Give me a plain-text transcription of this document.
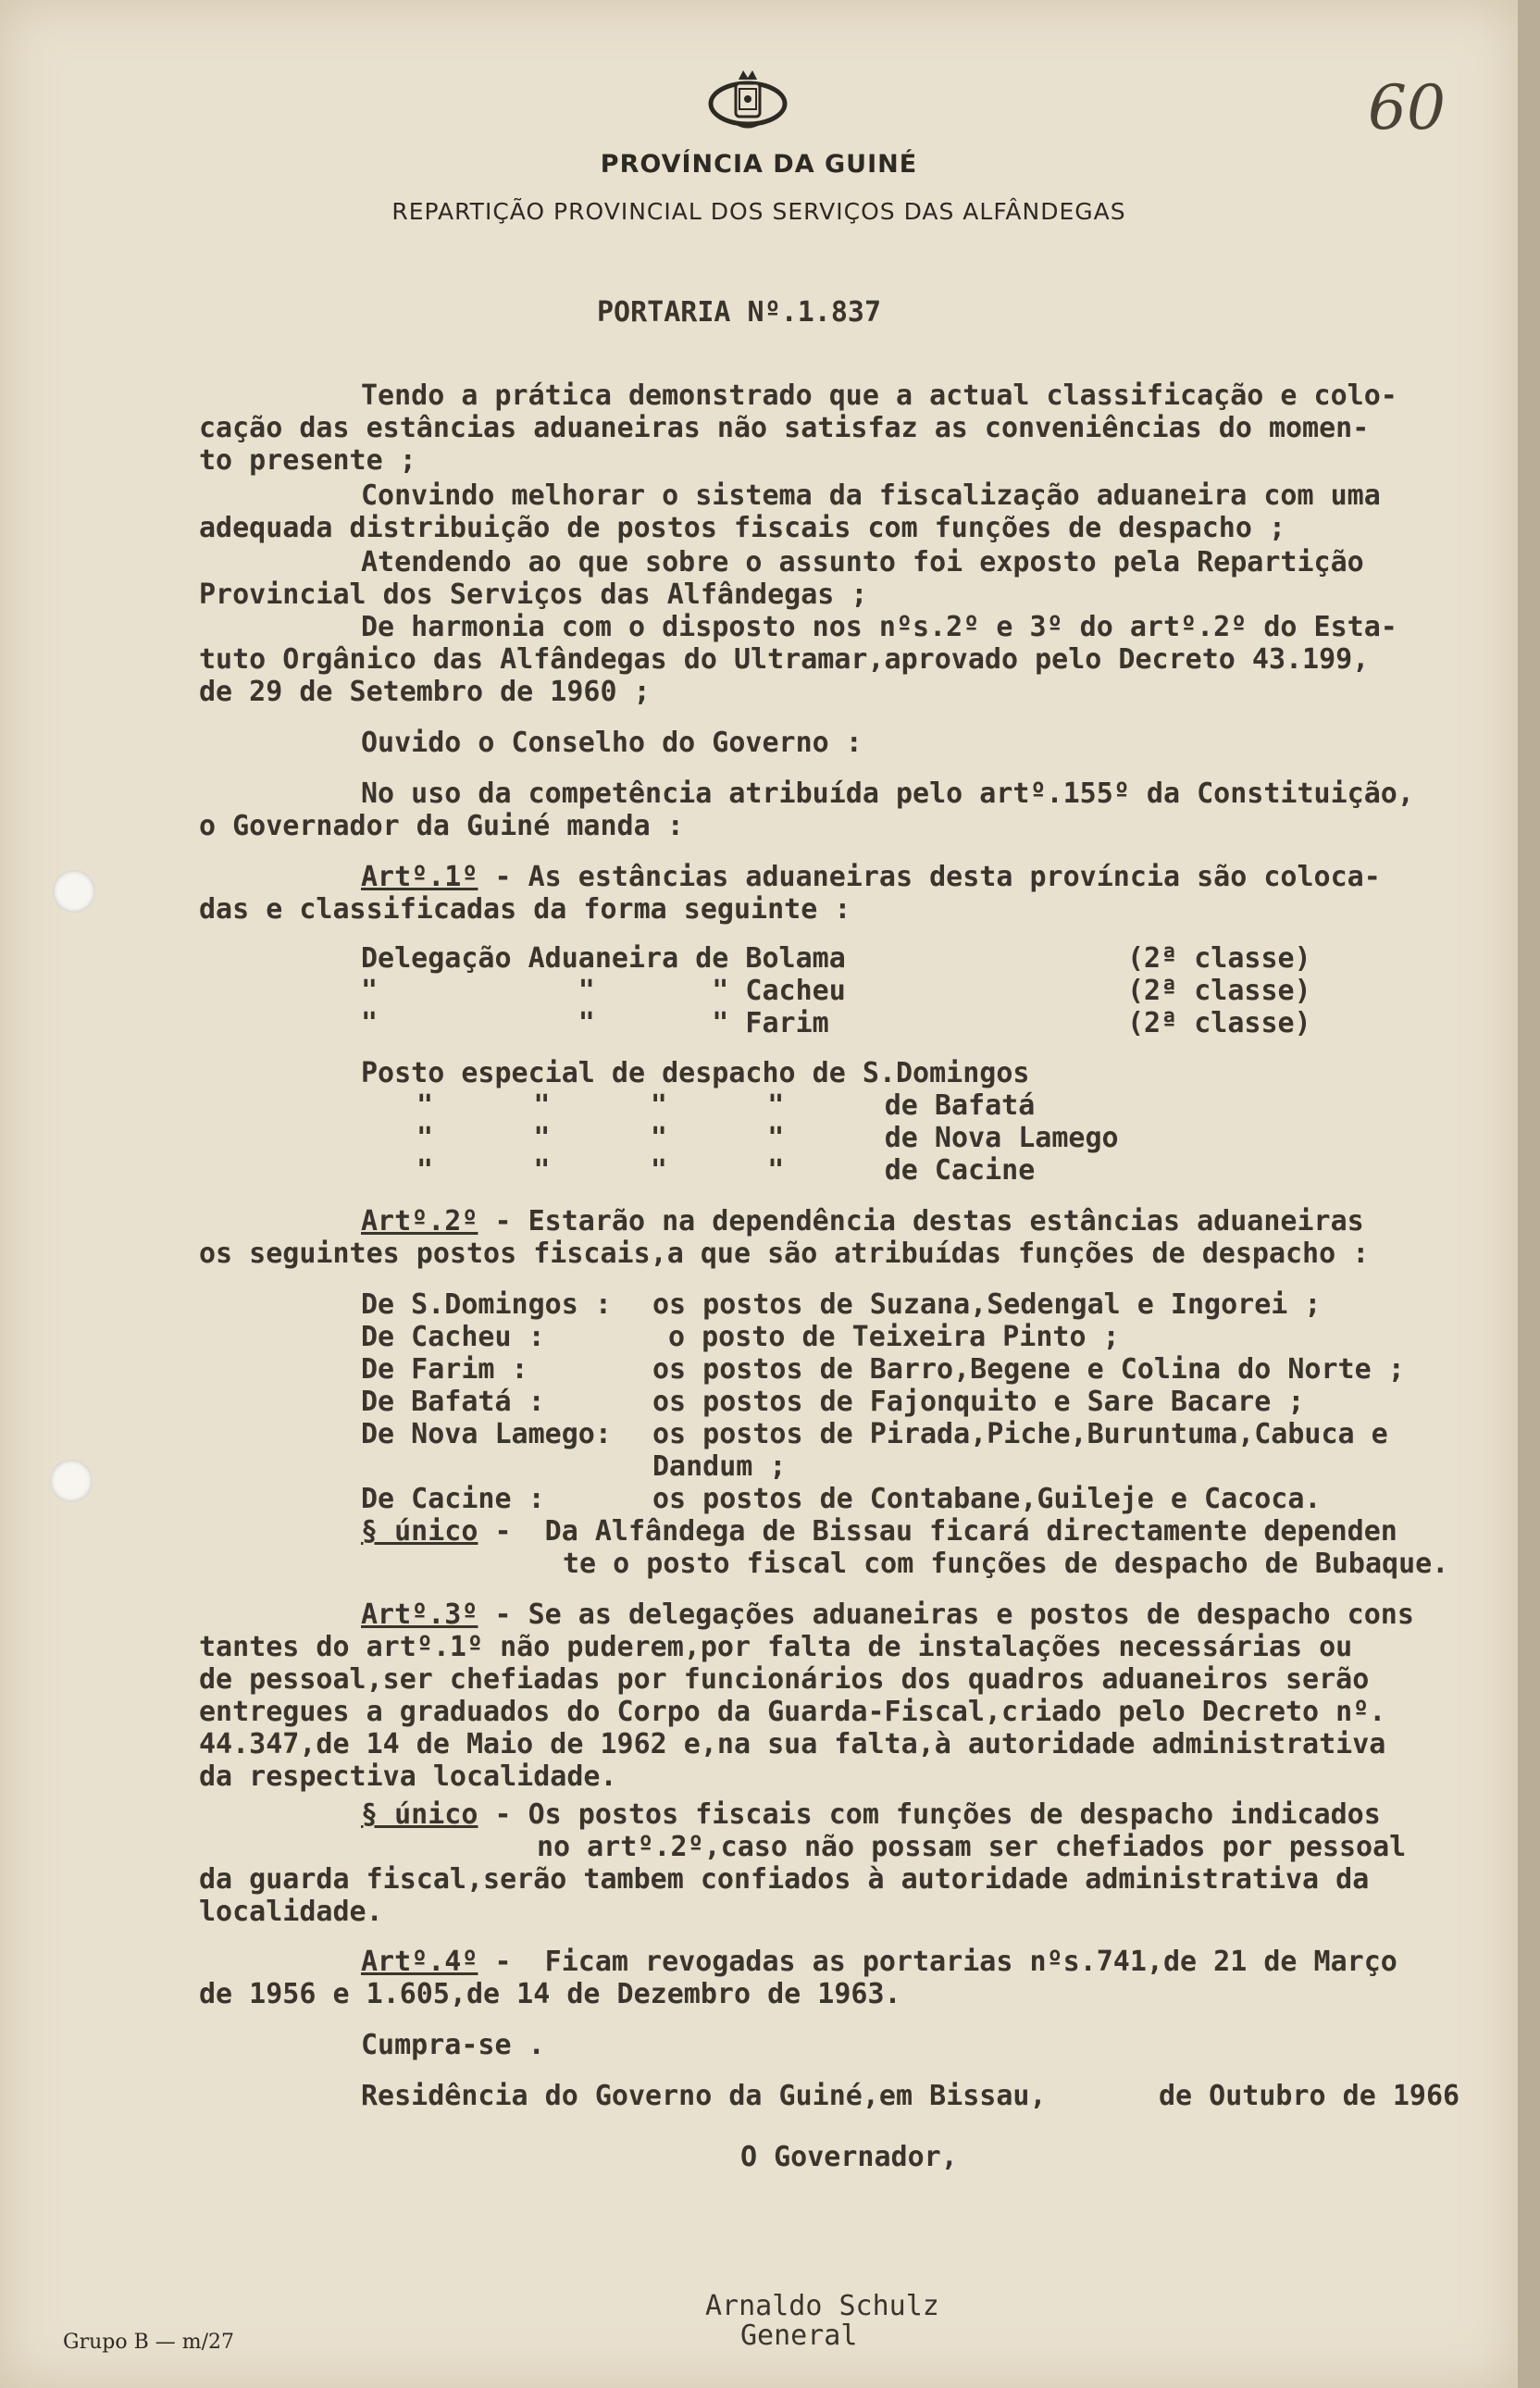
60
PROVÍNCIA DA GUINÉ
REPARTIÇÃO PROVINCIAL DOS SERVIÇOS DAS ALFÂNDEGAS
PORTARIA Nº.1.837
Tendo a prática demonstrado que a actual classificação e colo-
cação das estâncias aduaneiras não satisfaz as conveniências do momen-
to presente ;
Convindo melhorar o sistema da fiscalização aduaneira com uma
adequada distribuição de postos fiscais com funções de despacho ;
Atendendo ao que sobre o assunto foi exposto pela Repartição
Provincial dos Serviços das Alfândegas ;
De harmonia com o disposto nos nºs.2º e 3º do artº.2º do Esta-
tuto Orgânico das Alfândegas do Ultramar,aprovado pelo Decreto 43.199,
de 29 de Setembro de 1960 ;
Ouvido o Conselho do Governo :
No uso da competência atribuída pelo artº.155º da Constituição,
o Governador da Guiné manda :
Artº.1º - As estâncias aduaneiras desta província são coloca-
das e classificadas da forma seguinte :
Delegação Aduaneira de Bolama	(2ª classe)
"            "       " Cacheu	(2ª classe)
"            "       " Farim	(2ª classe)
Posto especial de despacho de S.Domingos
"      "      "      "      de Bafatá
"      "      "      "      de Nova Lamego
"      "      "      "      de Cacine
Artº.2º - Estarão na dependência destas estâncias aduaneiras
os seguintes postos fiscais,a que são atribuídas funções de despacho :
De S.Domingos : os postos de Suzana,Sedengal e Ingorei ;
De Cacheu :	o posto de Teixeira Pinto ;
De Farim :	os postos de Barro,Begene e Colina do Norte ;
De Bafatá :	os postos de Fajonquito e Sare Bacare ;
De Nova Lamego: os postos de Pirada,Piche,Buruntuma,Cabuca e
Dandum ;
De Cacine :	os postos de Contabane,Guileje e Cacoca.
§ único -  Da Alfândega de Bissau ficará directamente dependen
te o posto fiscal com funções de despacho de Bubaque.
Artº.3º - Se as delegações aduaneiras e postos de despacho cons
tantes do artº.1º não puderem,por falta de instalações necessárias ou
de pessoal,ser chefiadas por funcionários dos quadros aduaneiros serão
entregues a graduados do Corpo da Guarda-Fiscal,criado pelo Decreto nº.
44.347,de 14 de Maio de 1962 e,na sua falta,à autoridade administrativa
da respectiva localidade.
§ único - Os postos fiscais com funções de despacho indicados
no artº.2º,caso não possam ser chefiados por pessoal
da guarda fiscal,serão tambem confiados à autoridade administrativa da
localidade.
Artº.4º -  Ficam revogadas as portarias nºs.741,de 21 de Março
de 1956 e 1.605,de 14 de Dezembro de 1963.
Cumpra-se .
Residência do Governo da Guiné,em Bissau,	de Outubro de 1966
O Governador,
Arnaldo Schulz
General
Grupo B — m/27
